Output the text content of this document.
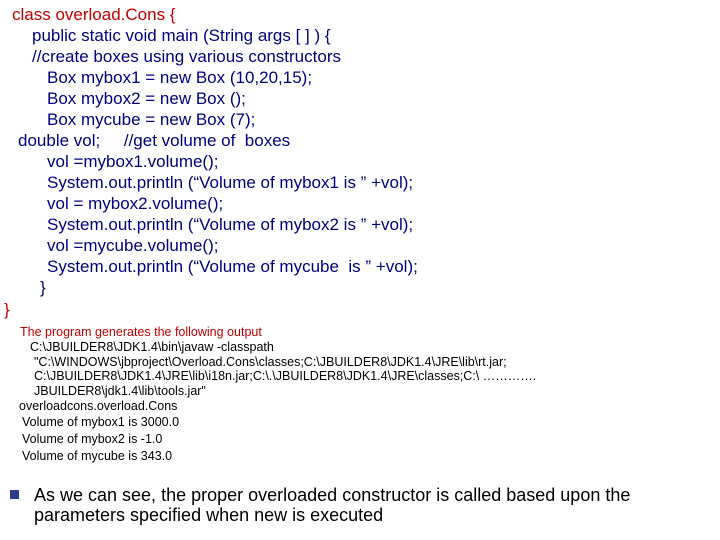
class overload.Cons {
public static void main (String args [ ] ) {
//create boxes using various constructors
Box mybox1 = new Box (10,20,15);
Box mybox2 = new Box ();
Box mycube = new Box (7);
double vol;     //get volume of  boxes
vol =mybox1.volume();
System.out.println (“Volume of mybox1 is ” +vol);
vol = mybox2.volume();
System.out.println (“Volume of mybox2 is ” +vol);
vol =mycube.volume();
System.out.println (“Volume of mycube  is ” +vol);
}
}
The program generates the following output
C:\JBUILDER8\JDK1.4\bin\javaw -classpath
"C:\WINDOWS\jbproject\Overload.Cons\classes;C:\JBUILDER8\JDK1.4\JRE\lib\rt.jar;
C:\JBUILDER8\JDK1.4\JRE\lib\i18n.jar;C:\.\JBUILDER8\JDK1.4\JRE\classes;C:\ ………….
JBUILDER8\jdk1.4\lib\tools.jar"
overloadcons.overload.Cons
Volume of mybox1 is 3000.0
Volume of mybox2 is -1.0
Volume of mycube is 343.0
As we can see, the proper overloaded constructor is called based upon the
parameters specified when new is executed
